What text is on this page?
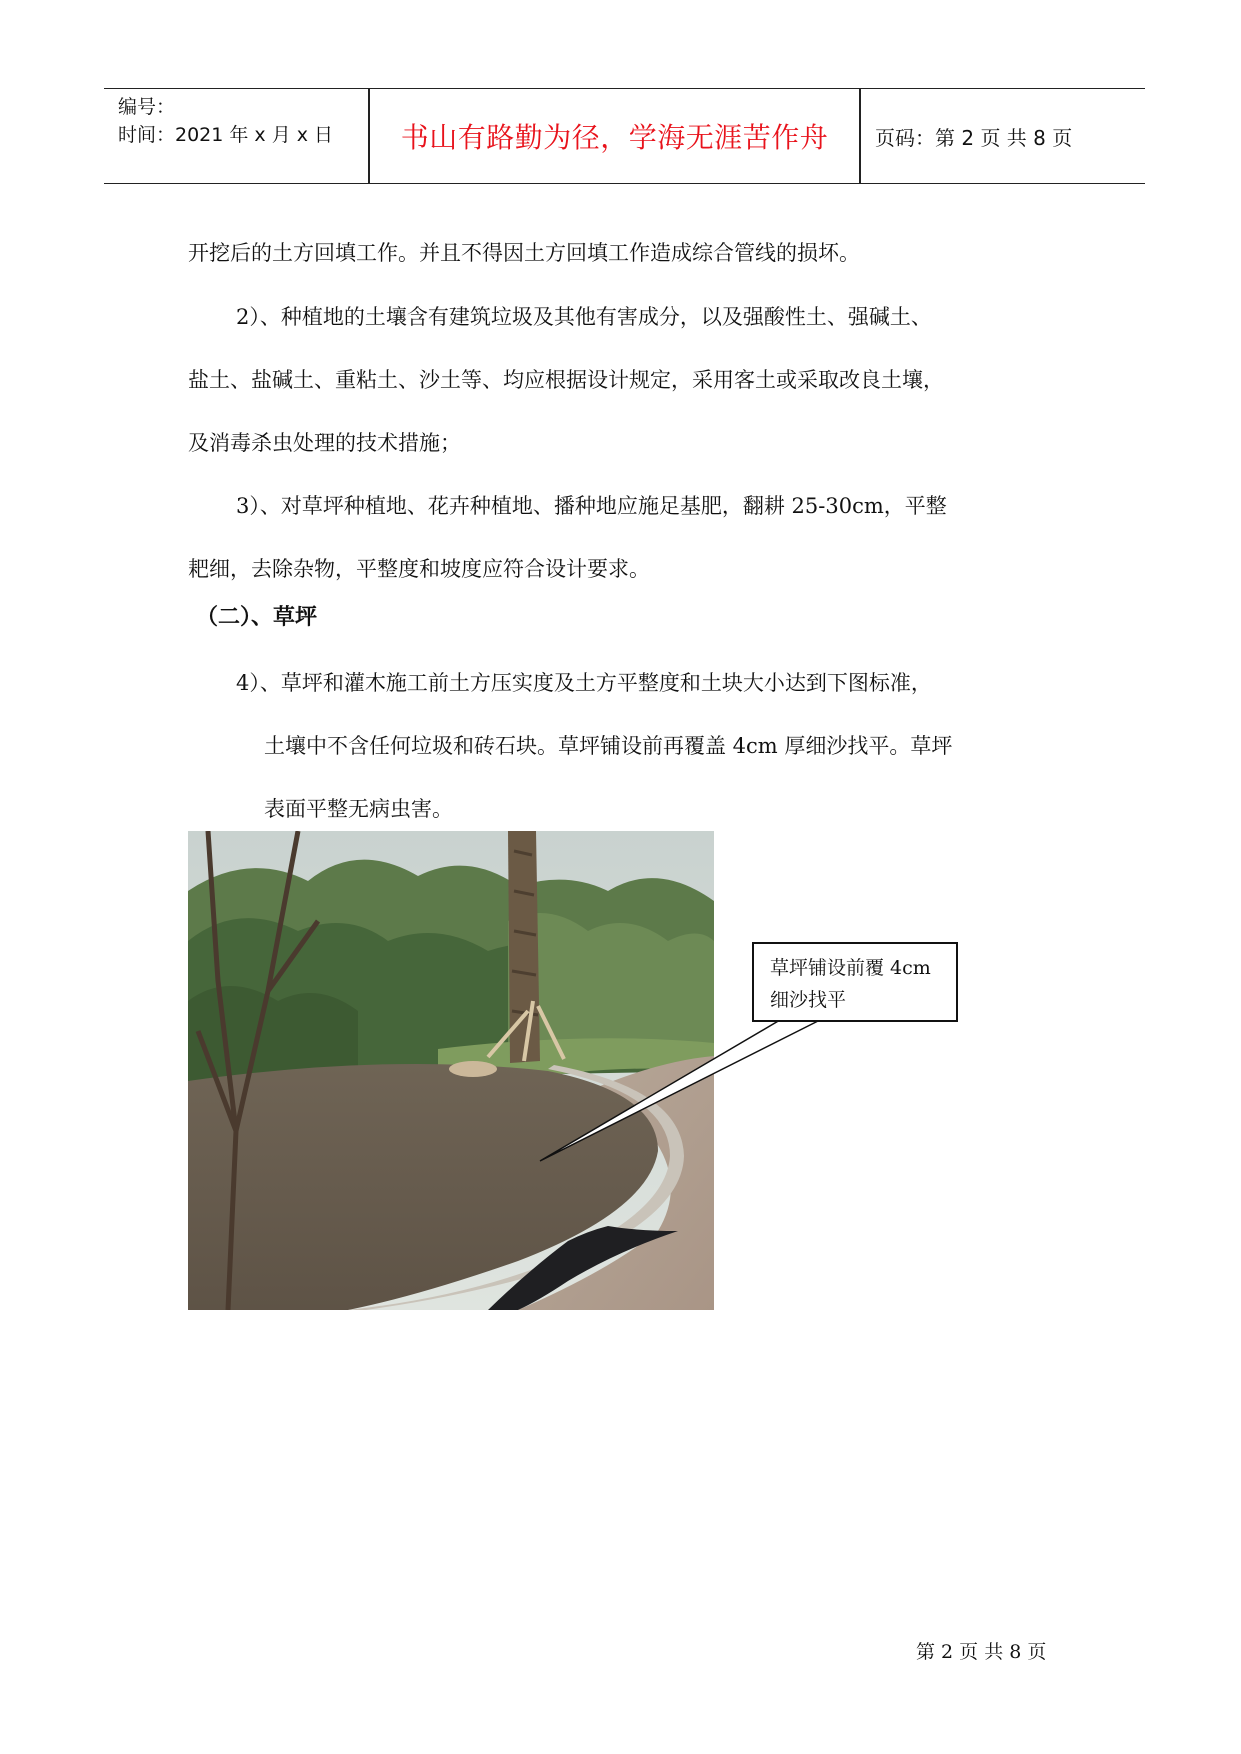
编号：
时间：2021 年 x 月 x 日	书山有路勤为径，学海无涯苦作舟	页码：第 2 页 共 8 页
开挖后的土方回填工作。并且不得因土方回填工作造成综合管线的损坏。
2）、种植地的土壤含有建筑垃圾及其他有害成分，以及强酸性土、强碱土、
盐土、盐碱土、重粘土、沙土等、均应根据设计规定，采用客土或采取改良土壤，
及消毒杀虫处理的技术措施；
3）、对草坪种植地、花卉种植地、播种地应施足基肥，翻耕 25-30cm，平整
耙细，去除杂物，平整度和坡度应符合设计要求。
（二）、草坪
4）、草坪和灌木施工前土方压实度及土方平整度和土块大小达到下图标准，
土壤中不含任何垃圾和砖石块。草坪铺设前再覆盖 4cm 厚细沙找平。草坪
表面平整无病虫害。
草坪铺设前覆 4cm
细沙找平
第 2 页 共 8 页
